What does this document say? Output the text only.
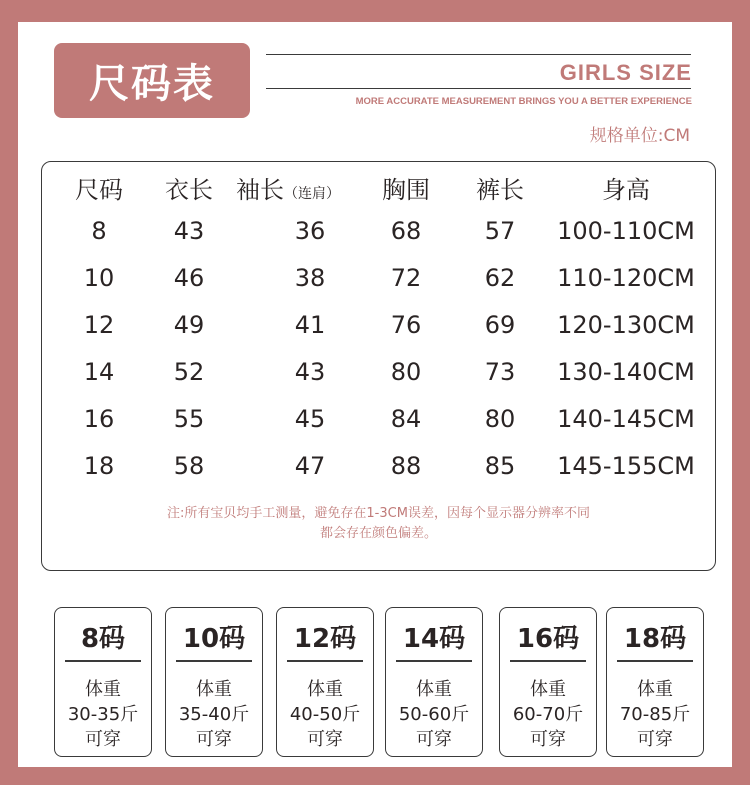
尺码表	GIRLS SIZE
MORE ACCURATE MEASUREMENT BRINGS YOU A BETTER EXPERIENCE
规格单位:CM
尺码 衣长 袖长（连肩） 胸围 裤长	身高
8	43	36	68	57 100-110CM
10 46	38	72	62 110-120CM
12 49	41	76	69 120-130CM
14 52	43	80	73 130-140CM
16 55	45	84	80 140-145CM
18 58	47	88	85 145-155CM
注:所有宝贝均手工测量，避免存在1-3CM误差，因每个显示器分辨率不同
都会存在颜色偏差。
8码
体重
30-35斤
可穿
10码
体重
35-40斤
可穿
12码
体重
40-50斤
可穿
14码
体重
50-60斤
可穿
16码
体重
60-70斤
可穿
18码
体重
70-85斤
可穿
